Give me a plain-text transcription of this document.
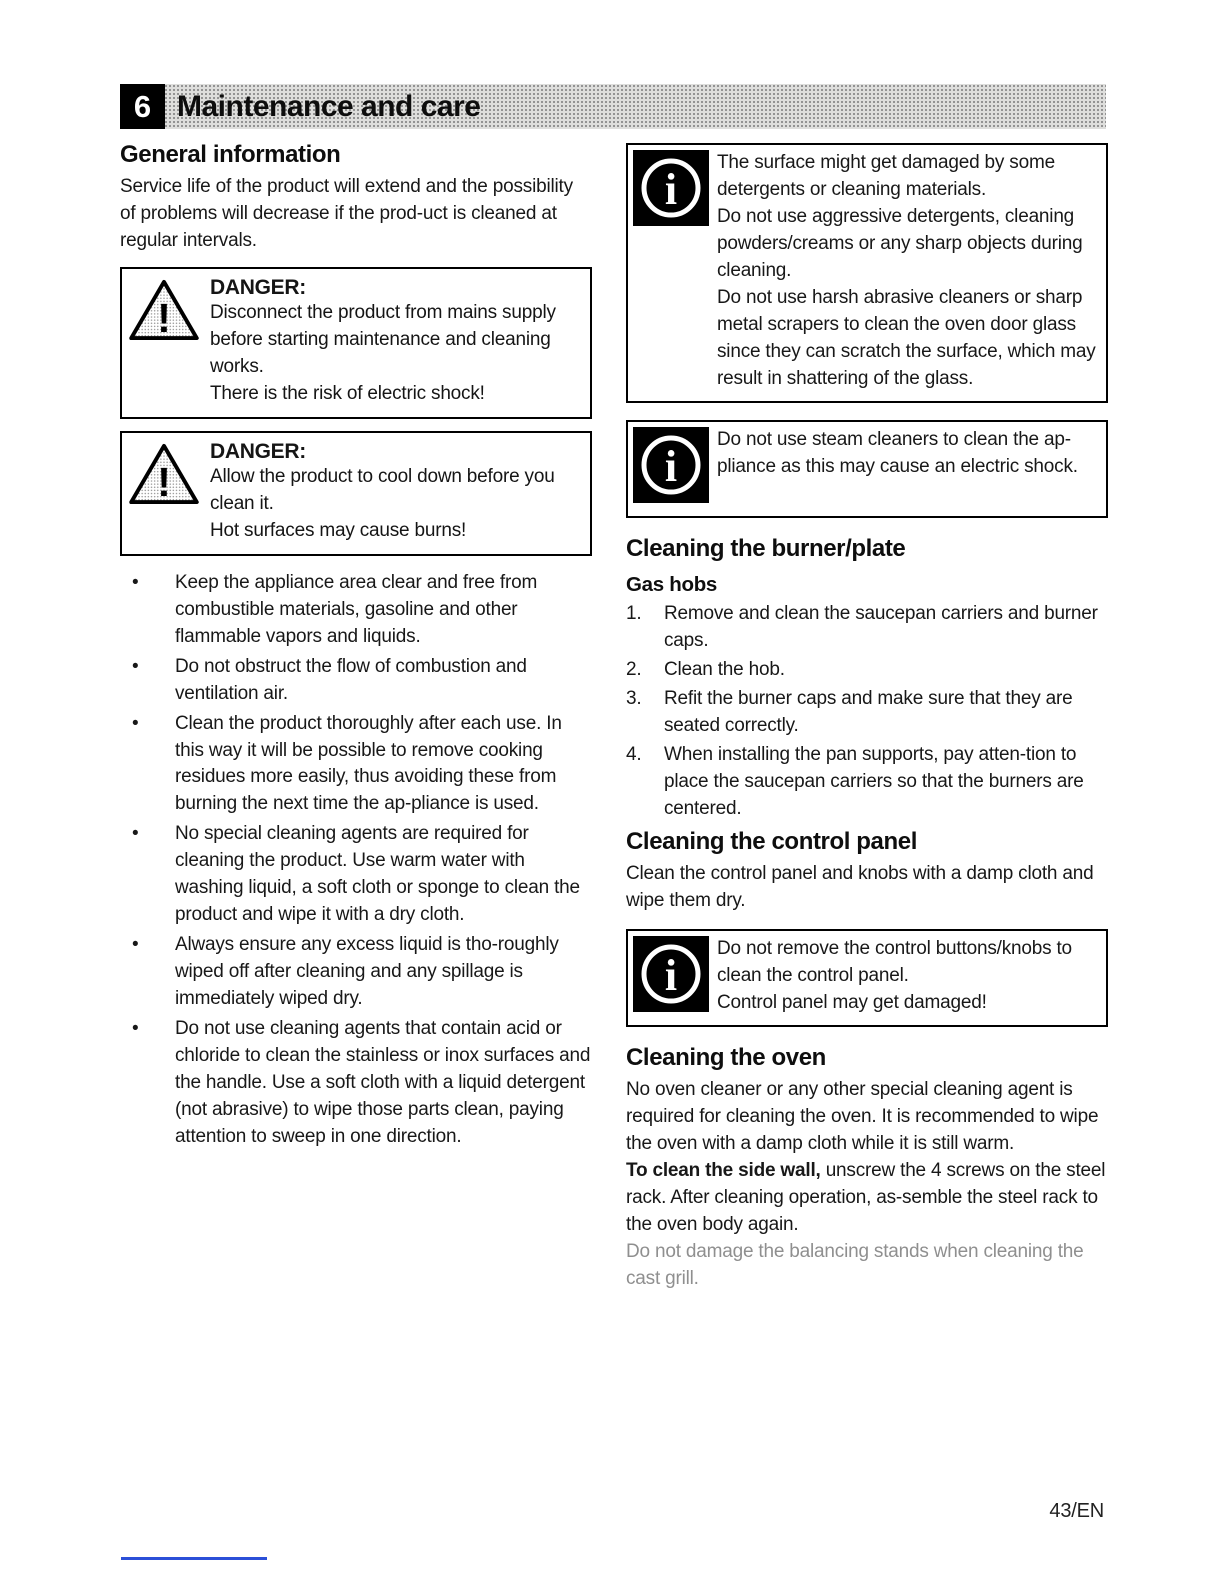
6 Maintenance and care
General information

Service life of the product will extend and the possibility of problems will decrease if the prod-uct is cleaned at regular intervals.

!
DANGER:
Disconnect the product from mains supply before starting maintenance and cleaning works.
There is the risk of electric shock!
!
DANGER:
Allow the product to cool down before you clean it.
Hot surfaces may cause burns!
• Keep the appliance area clear and free from combustible materials, gasoline and other flammable vapors and liquids.
• Do not obstruct the flow of combustion and ventilation air.
• Clean the product thoroughly after each use. In this way it will be possible to remove cooking residues more easily, thus avoiding these from burning the next time the ap-pliance is used.
• No special cleaning agents are required for cleaning the product. Use warm water with washing liquid, a soft cloth or sponge to clean the product and wipe it with a dry cloth.
• Always ensure any excess liquid is tho-roughly wiped off after cleaning and any spillage is immediately wiped dry.
• Do not use cleaning agents that contain acid or chloride to clean the stainless or inox surfaces and the handle. Use a soft cloth with a liquid detergent (not abrasive) to wipe those parts clean, paying attention to sweep in one direction.
i

The surface might get damaged by some detergents or cleaning materials.

Do not use aggressive detergents, cleaning powders/creams or any sharp objects during cleaning.

Do not use harsh abrasive cleaners or sharp metal scrapers to clean the oven door glass since they can scratch the surface, which may result in shattering of the glass.

i

Do not use steam cleaners to clean the ap-pliance as this may cause an electric shock.

Cleaning the burner/plate
Gas hobs
1.	Remove and clean the saucepan carriers and burner caps.
2.	Clean the hob.
3.	Refit the burner caps and make sure that they are seated correctly.
4.	When installing the pan supports, pay atten-tion to place the saucepan carriers so that the burners are centered.
Cleaning the control panel

Clean the control panel and knobs with a damp cloth and wipe them dry.

i

Do not remove the control buttons/knobs to clean the control panel.

Control panel may get damaged!

Cleaning the oven

No oven cleaner or any other special cleaning agent is required for cleaning the oven. It is recommended to wipe the oven with a damp cloth while it is still warm.

To clean the side wall, unscrew the 4 screws on the steel rack. After cleaning operation, as-semble the steel rack to the oven body again.

Do not damage the balancing stands when cleaning the cast grill.

43/EN
